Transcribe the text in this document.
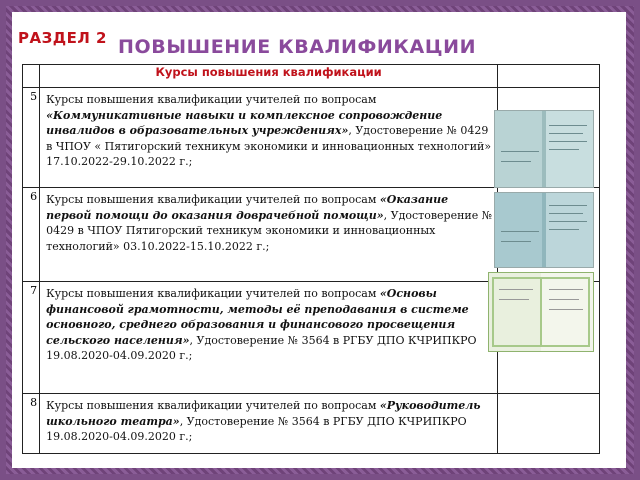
РАЗДЕЛ 2 ПОВЫШЕНИЕ КВАЛИФИКАЦИИ
	Курсы повышения квалификации	
5	Курсы повышения квалификации учителей по вопросам «Коммуникативные навыки и комплексное сопровождение инвалидов в образовательных учреждениях», Удостоверение № 0429 в ЧПОУ « Пятигорский техникум экономики и инновационных технологий» 17.10.2022-29.10.2022 г.;	
6	Курсы повышения квалификации учителей по вопросам «Оказание первой помощи до оказания доврачебной помощи», Удостоверение № 0429 в ЧПОУ Пятигорский техникум экономики и инновационных технологий» 03.10.2022-15.10.2022 г.;	
7	Курсы повышения квалификации учителей по вопросам «Основы финансовой грамотности, методы её преподавания в системе основного, среднего образования и финансового просвещения сельского населения», Удостоверение № 3564 в РГБУ ДПО КЧРИПКРО 19.08.2020-04.09.2020 г.;	
8	Курсы повышения квалификации учителей по вопросам «Руководитель школьного театра», Удостоверение № 3564 в РГБУ ДПО КЧРИПКРО 19.08.2020-04.09.2020 г.;	
